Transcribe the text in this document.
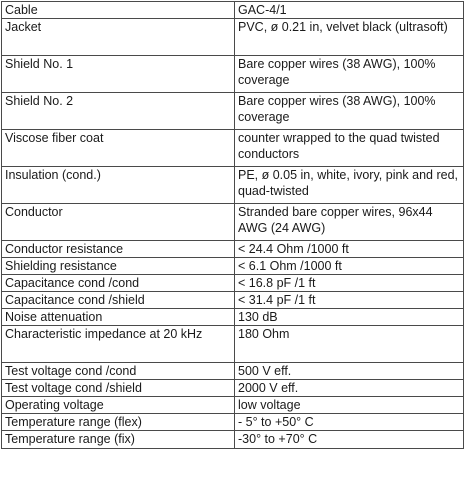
Cable	GAC-4/1
Jacket	PVC, ø 0.21 in, velvet black (ultrasoft)
Shield No. 1	Bare copper wires (38 AWG), 100% coverage
Shield No. 2	Bare copper wires (38 AWG), 100% coverage
Viscose fiber coat	counter wrapped to the quad twisted conductors
Insulation (cond.)	PE, ø 0.05 in, white, ivory, pink and red, quad-twisted
Conductor	Stranded bare copper wires, 96x44 AWG (24 AWG)
Conductor resistance	< 24.4 Ohm /1000 ft
Shielding resistance	< 6.1 Ohm /1000 ft
Capacitance cond /cond	< 16.8 pF /1 ft
Capacitance cond /shield	< 31.4 pF /1 ft
Noise attenuation	130 dB
Characteristic impedance at 20 kHz	180 Ohm
Test voltage cond /cond	500 V eff.
Test voltage cond /shield	2000 V eff.
Operating voltage	low voltage
Temperature range (flex)	- 5° to +50° C
Temperature range (fix)	-30° to +70° C
